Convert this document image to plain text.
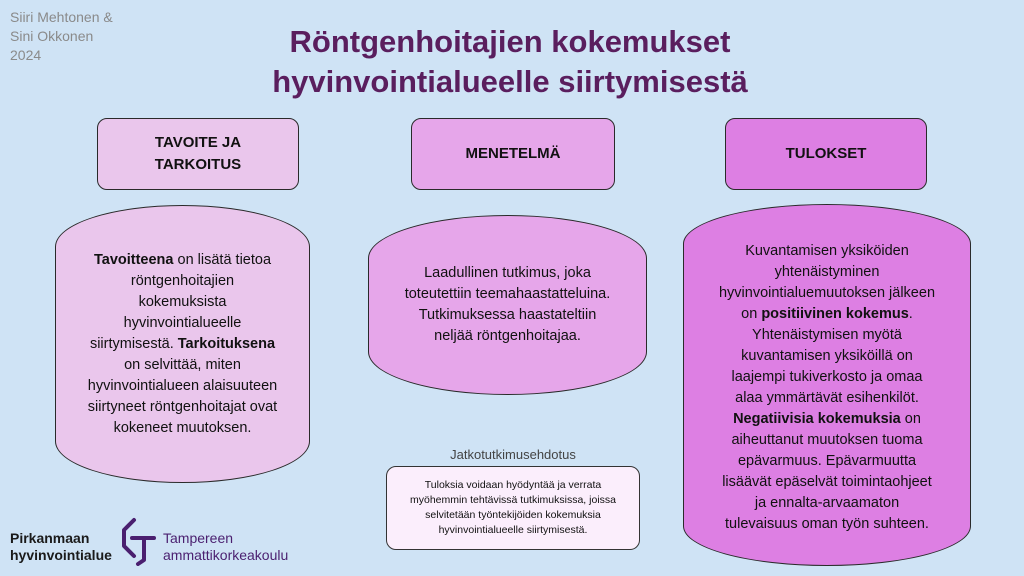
Siiri Mehtonen &
Sini Okkonen
2024	Röntgenhoitajien kokemukset
hyvinvointialueelle siirtymisestä
TAVOITE JA
TARKOITUS
MENETELMÄ	TULOKSET
Tavoitteena on lisätä tietoa röntgenhoitajien kokemuksista hyvinvointialueelle siirtymisestä. Tarkoituksena on selvittää, miten hyvinvointialueen alaisuuteen siirtyneet röntgenhoitajat ovat kokeneet muutoksen.
Laadullinen tutkimus, joka toteutettiin teemahaastatteluina. Tutkimuksessa haastateltiin neljää röntgenhoitajaa.
Kuvantamisen yksiköiden yhtenäistyminen hyvinvointialuemuutoksen jälkeen on positiivinen kokemus. Yhtenäistymisen myötä kuvantamisen yksiköillä on laajempi tukiverkosto ja omaa alaa ymmärtävät esihenkilöt. Negatiivisia kokemuksia on aiheuttanut muutoksen tuoma epävarmuus. Epävarmuutta lisäävät epäselvät toimintaohjeet ja ennalta-arvaamaton tulevaisuus oman työn suhteen.
Jatkotutkimusehdotus
Tuloksia voidaan hyödyntää ja verrata myöhemmin tehtävissä tutkimuksissa, joissa selvitetään työntekijöiden kokemuksia hyvinvointialueelle siirtymisestä.
Pirkanmaan
hyvinvointialue
Tampereen
ammattikorkeakoulu
